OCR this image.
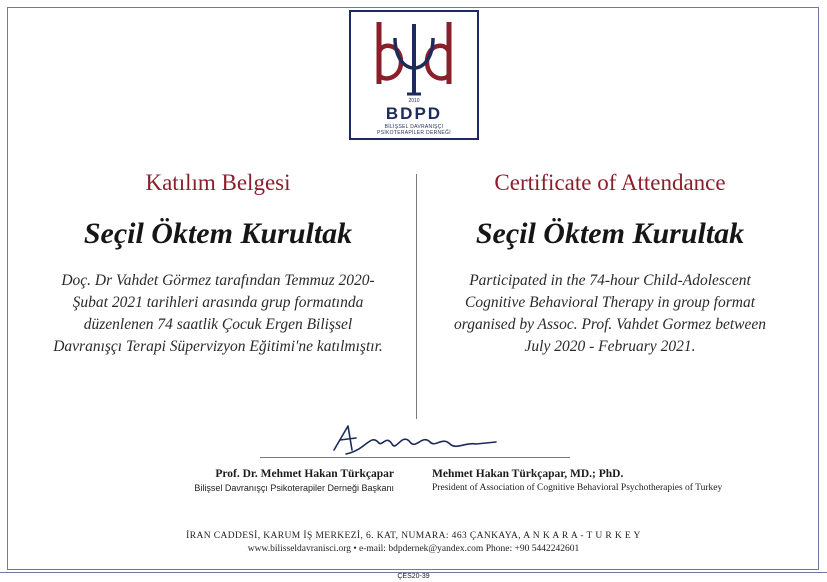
2010
BDPD
BİLİŞSEL DAVRANIŞÇI
PSİKOTERAPİLER DERNEĞİ
Katılım Belgesi
Seçil Öktem Kurultak
Doç. Dr Vahdet Görmez tarafından Temmuz 2020-Şubat 2021 tarihleri arasında grup formatında düzenlenen 74 saatlik Çocuk Ergen Bilişsel Davranışçı Terapi Süpervizyon Eğitimi'ne katılmıştır.
Certificate of Attendance
Seçil Öktem Kurultak
Participated in the 74-hour Child-Adolescent Cognitive Behavioral Therapy in group format organised by Assoc. Prof. Vahdet Gormez between July 2020 - February 2021.
Prof. Dr. Mehmet Hakan Türkçapar
Bilişsel Davranışçı Psikoterapiler Derneği Başkanı
Mehmet Hakan Türkçapar, MD.; PhD.
President of Association of Cognitive Behavioral Psychotherapies of Turkey
İRAN CADDESİ, KARUM İŞ MERKEZİ, 6. KAT, NUMARA: 463 ÇANKAYA, A N K A R A - T U R K E Y
www.bilisseldavranisci.org • e-mail: bdpdernek@yandex.com Phone: +90 5442242601
ÇES20-39
